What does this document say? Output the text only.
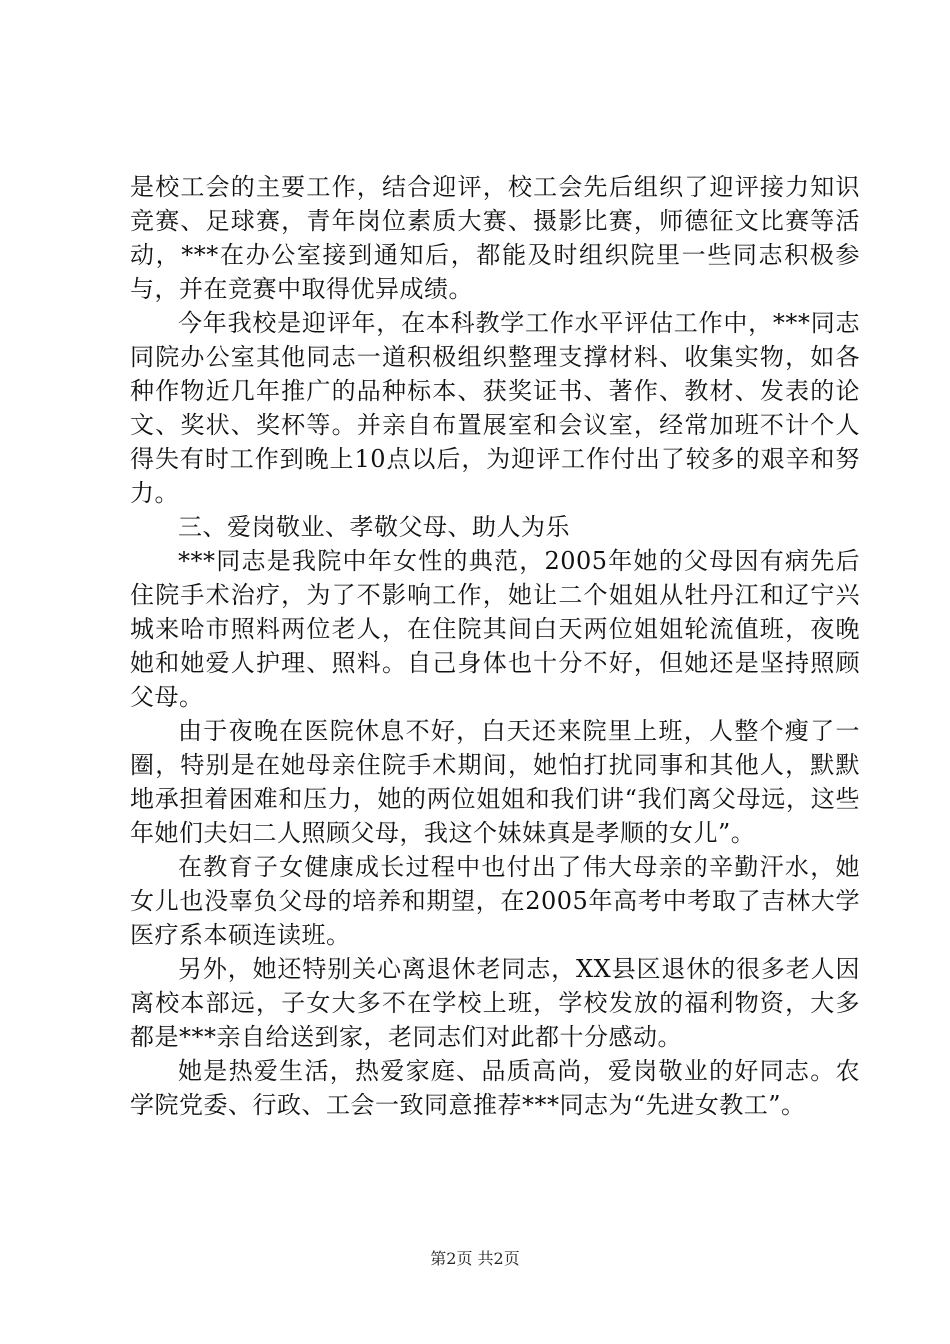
是校工会的主要工作，结合迎评，校工会先后组织了迎评接力知识竞赛、足球赛，青年岗位素质大赛、摄影比赛，师德征文比赛等活动，***在办公室接到通知后，都能及时组织院里一些同志积极参与，并在竞赛中取得优异成绩。

今年我校是迎评年，在本科教学工作水平评估工作中，***同志同院办公室其他同志一道积极组织整理支撑材料、收集实物，如各种作物近几年推广的品种标本、获奖证书、著作、教材、发表的论文、奖状、奖杯等。并亲自布置展室和会议室，经常加班不计个人得失有时工作到晚上10点以后，为迎评工作付出了较多的艰辛和努力。

三、爱岗敬业、孝敬父母、助人为乐

***同志是我院中年女性的典范，2005年她的父母因有病先后住院手术治疗，为了不影响工作，她让二个姐姐从牡丹江和辽宁兴城来哈市照料两位老人，在住院其间白天两位姐姐轮流值班，夜晚她和她爱人护理、照料。自己身体也十分不好，但她还是坚持照顾父母。

由于夜晚在医院休息不好，白天还来院里上班，人整个瘦了一圈，特别是在她母亲住院手术期间，她怕打扰同事和其他人，默默地承担着困难和压力，她的两位姐姐和我们讲“我们离父母远，这些年她们夫妇二人照顾父母，我这个妹妹真是孝顺的女儿”。

在教育子女健康成长过程中也付出了伟大母亲的辛勤汗水，她女儿也没辜负父母的培养和期望，在2005年高考中考取了吉林大学医疗系本硕连读班。

另外，她还特别关心离退休老同志，XX县区退休的很多老人因离校本部远，子女大多不在学校上班，学校发放的福利物资，大多都是***亲自给送到家，老同志们对此都十分感动。

她是热爱生活，热爱家庭、品质高尚，爱岗敬业的好同志。农学院党委、行政、工会一致同意推荐***同志为“先进女教工”。

第2页 共2页
